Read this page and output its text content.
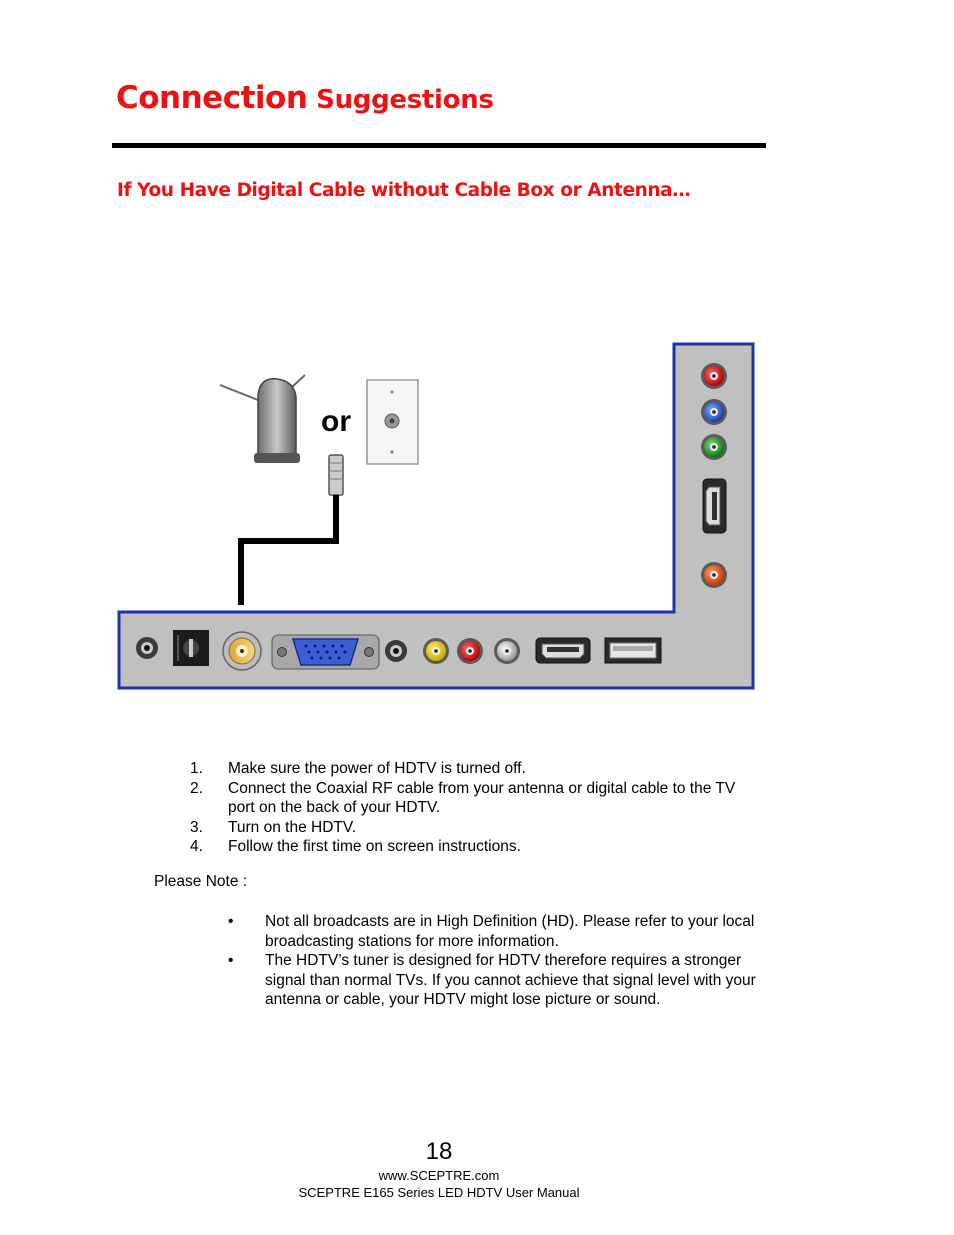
Connection Suggestions
If You Have Digital Cable without Cable Box or Antenna…
or
1. Make sure the power of HDTV is turned off.
2. Connect the Coaxial RF cable from your antenna or digital cable to the TV port on the back of your HDTV.
3. Turn on the HDTV.
4. Follow the first time on screen instructions.
Please Note :
• Not all broadcasts are in High Definition (HD). Please refer to your local broadcasting stations for more information.
• The HDTV’s tuner is designed for HDTV therefore requires a stronger signal than normal TVs. If you cannot achieve that signal level with your antenna or cable, your HDTV might lose picture or sound.
18
www.SCEPTRE.com
SCEPTRE E165 Series LED HDTV User Manual
